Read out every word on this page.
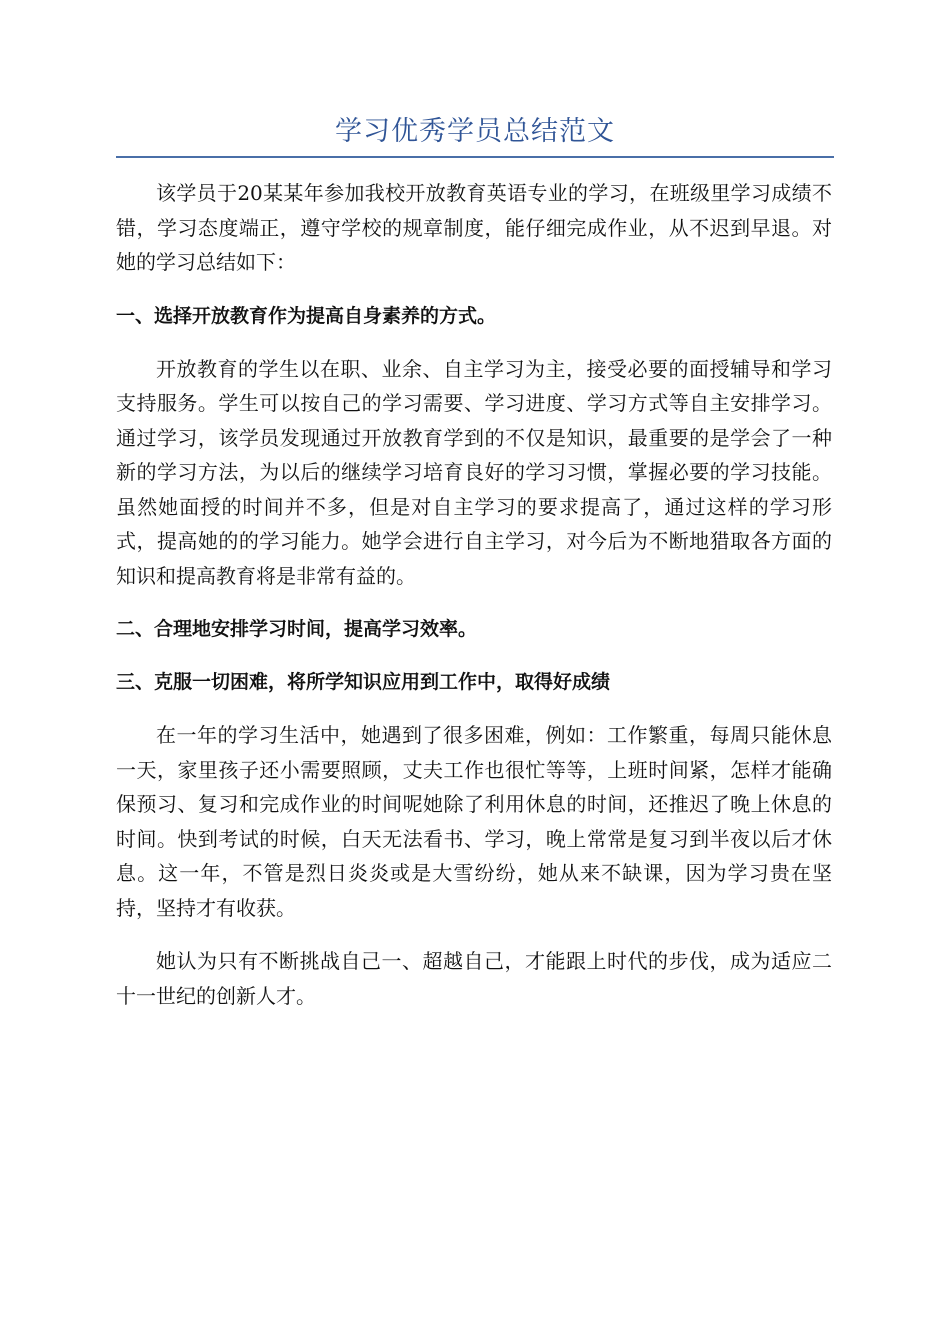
学习优秀学员总结范文

该学员于20某某年参加我校开放教育英语专业的学习，在班级里学习成绩不错，学习态度端正，遵守学校的规章制度，能仔细完成作业，从不迟到早退。对她的学习总结如下：

一、选择开放教育作为提高自身素养的方式。

开放教育的学生以在职、业余、自主学习为主，接受必要的面授辅导和学习支持服务。学生可以按自己的学习需要、学习进度、学习方式等自主安排学习。通过学习，该学员发现通过开放教育学到的不仅是知识，最重要的是学会了一种新的学习方法，为以后的继续学习培育良好的学习习惯，掌握必要的学习技能。虽然她面授的时间并不多，但是对自主学习的要求提高了，通过这样的学习形式，提高她的的学习能力。她学会进行自主学习，对今后为不断地猎取各方面的知识和提高教育将是非常有益的。

二、合理地安排学习时间，提高学习效率。
三、克服一切困难，将所学知识应用到工作中，取得好成绩

在一年的学习生活中，她遇到了很多困难，例如：工作繁重，每周只能休息一天，家里孩子还小需要照顾，丈夫工作也很忙等等，上班时间紧，怎样才能确保预习、复习和完成作业的时间呢她除了利用休息的时间，还推迟了晚上休息的时间。快到考试的时候，白天无法看书、学习，晚上常常是复习到半夜以后才休息。这一年，不管是烈日炎炎或是大雪纷纷，她从来不缺课，因为学习贵在坚持，坚持才有收获。

她认为只有不断挑战自己一、超越自己，才能跟上时代的步伐，成为适应二十一世纪的创新人才。
